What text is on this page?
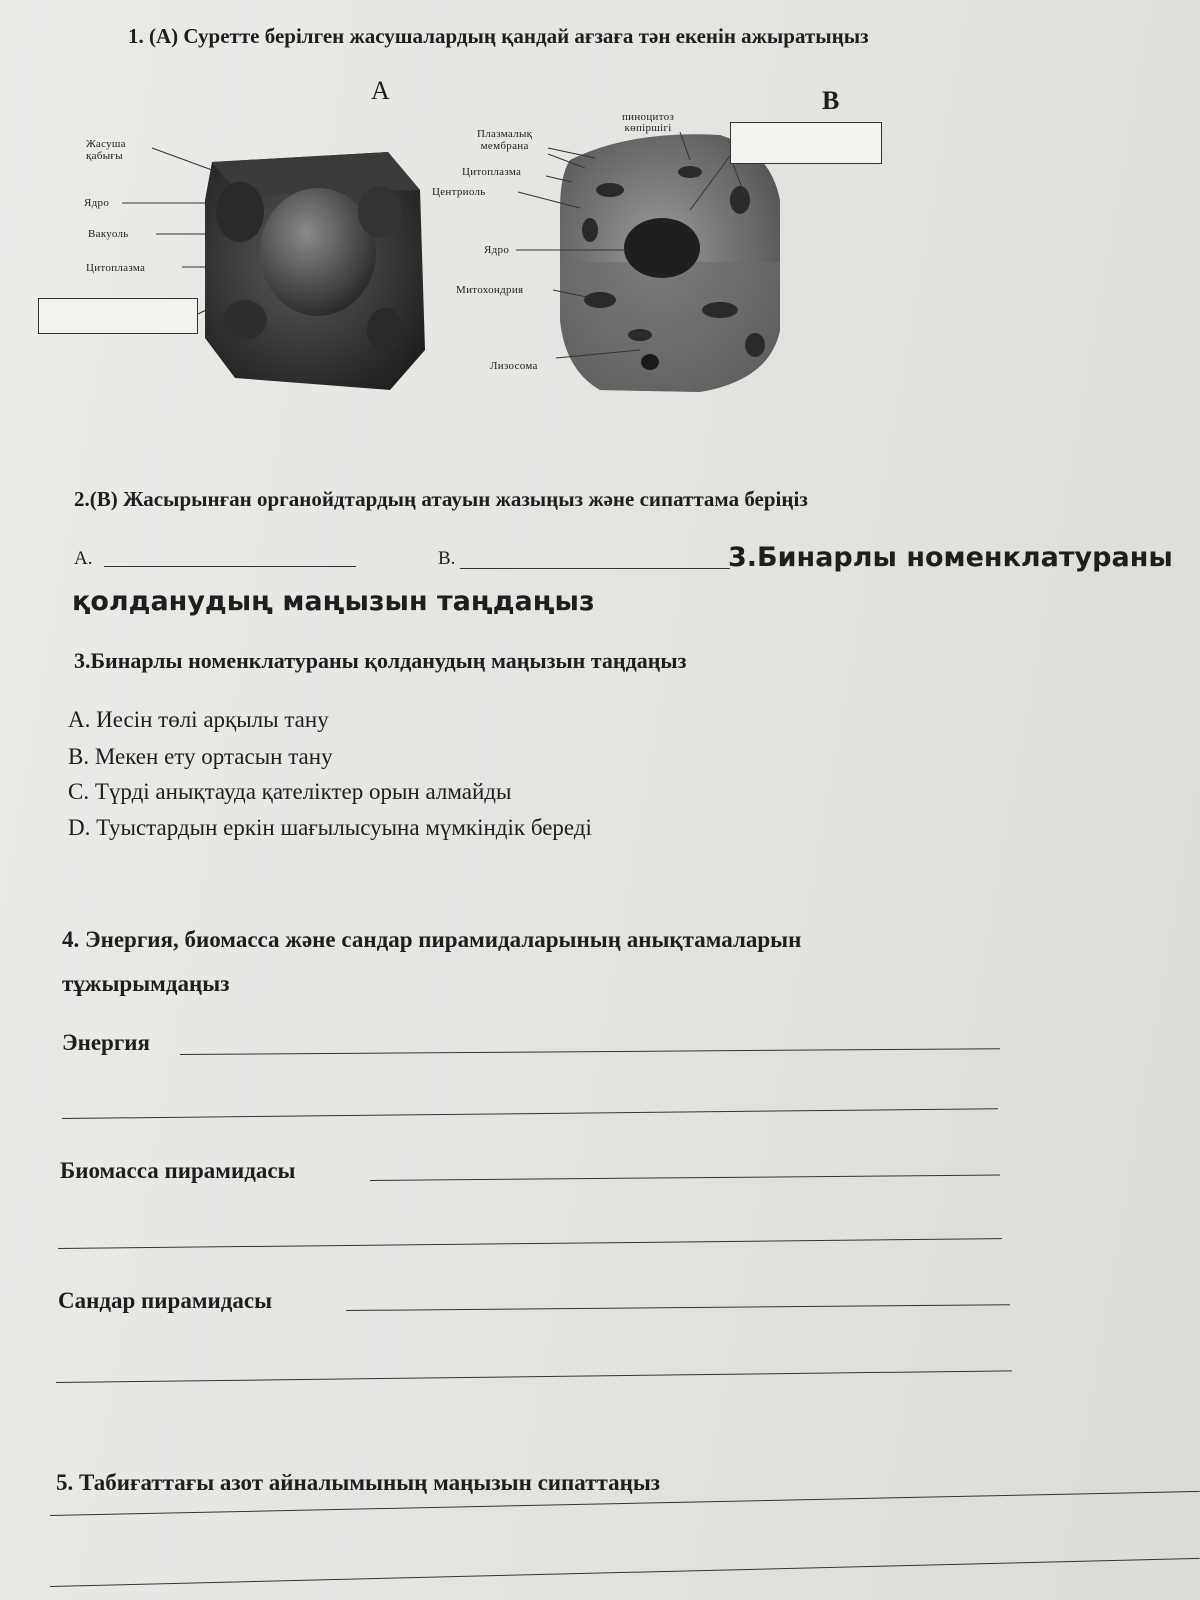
1. (А) Суретте берілген жасушалардың қандай ағзаға тән екенін ажыратыңыз
А	В
Жасуша
қабығы
Ядро
Вакуоль
Цитоплазма
пиноцитоз
көпіршігі
Плазмалық
мембрана
Цитоплазма
Центриоль
Ядро
Митохондрия
Лизосома
2.(В) Жасырынған органойдтардың атауын жазыңыз және сипаттама беріңіз
А.	В.	3.Бинарлы номенклатураны
қолданудың маңызын таңдаңыз
3.Бинарлы номенклатураны қолданудың маңызын таңдаңыз
A. Иесін төлі арқылы тану
B. Мекен ету ортасын тану
C. Түрді анықтауда қателіктер орын алмайды
D. Туыстардын еркін шағылысуына мүмкіндік береді
4. Энергия, биомасса және сандар пирамидаларының анықтамаларын
тұжырымдаңыз
Энергия
Биомасса пирамидасы
Сандар пирамидасы
5. Табиғаттағы азот айналымының маңызын сипаттаңыз
